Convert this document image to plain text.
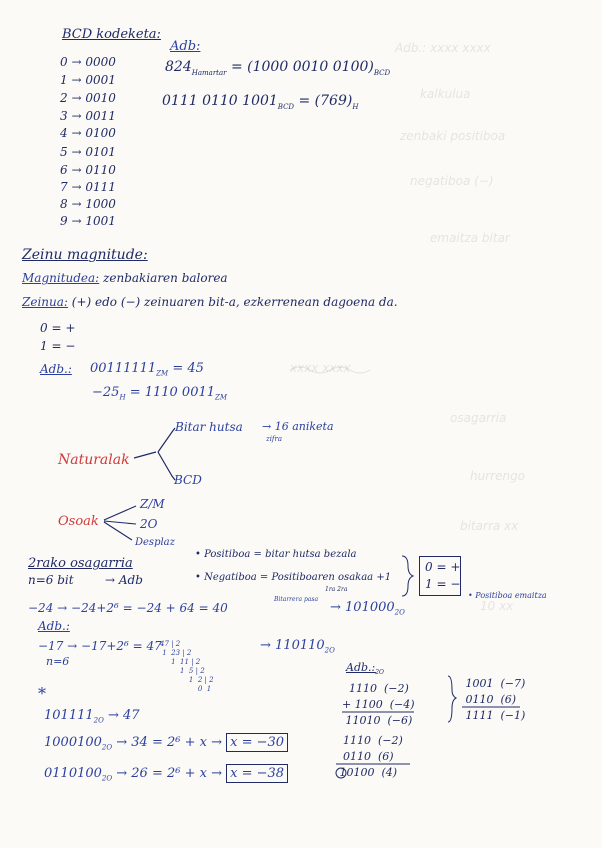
Adb.: xxxx xxxx
kalkulua
zenbaki positiboa
negatiboa (−)
emaitza bitar
xxxx xxxx
osagarria
hurrengo
bitarra xx
10 xx
BCD kodeketa:
0 → 0000
1 → 0001
2 → 0010
3 → 0011
4 → 0100
5 → 0101
6 → 0110
7 → 0111
8 → 1000
9 → 1001
Adb:
$824_{Hamartar} = (1000$ 0010 $0100)_{BCD}$
0111 0110 $1001_{BCD} = (769)_H$
Zeinu magnitude:
Magnitudea: zenbakiaren balorea
Zeinua: (+) edo (−) zeinuaren bit-a, ezkerrenean dagoena da.
0 = +
1 = −
Adb.: $00111111_{ZM} = 45$
$-25_H = 1110$ $0011_{ZM}$
Naturalak
Bitar hutsa → 16 aniketa
zifra
BCD
Osoak
Z/M
2O
Desplaz
2rako osagarria
n=6 bit	→ Adb
• Positiboa = bitar hutsa bezala
• Negatiboa = Positiboaren osakaa +1
1ra 2ra
0 = +
1 = −
• Positiboa emaitza
−24 → −24+2⁶ = −24 + 64 = 40
Bitarrera pasa
→ $101000_{2O}$
Adb.:
−17 → −17+2⁶ = 47
n=6
47 | 2
1  23 | 2
1  11 | 2
1  5 | 2
1  2 | 2
0  1
→ $110110_{2O}$
*
$101111_{2O} \to 47$
$1000100_{2O} \to 34 = 2^6 + x \to x = -30$
$0110100_{2O} \to 26 = 2^6 + x \to x = -38$
$Adb.:_{2O}$
1110  (−2)
+ 1100  (−4)
11010  (−6)
1001  (−7)
0110  (6)
1111  (−1)
1110  (−2)
0110  (6)
10100  (4)
